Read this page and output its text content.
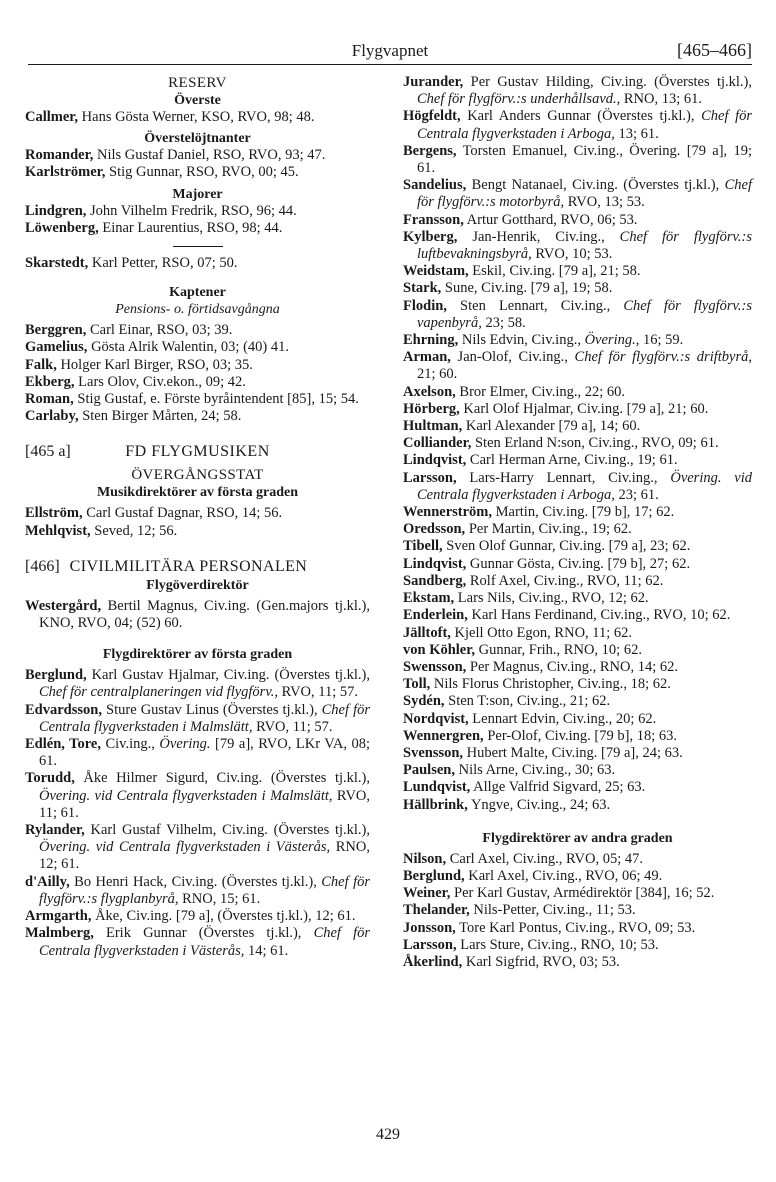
Flygvapnet	[465–466]
RESERV
Överste
Callmer, Hans Gösta Werner, KSO, RVO, 98; 48.
Överstelöjtnanter
Romander, Nils Gustaf Daniel, RSO, RVO, 93; 47.
Karlströmer, Stig Gunnar, RSO, RVO, 00; 45.
Majorer
Lindgren, John Vilhelm Fredrik, RSO, 96; 44.
Löwenberg, Einar Laurentius, RSO, 98; 44.
Skarstedt, Karl Petter, RSO, 07; 50.
Kaptener
Pensions- o. förtidsavgångna
Berggren, Carl Einar, RSO, 03; 39.
Gamelius, Gösta Alrik Walentin, 03; (40) 41.
Falk, Holger Karl Birger, RSO, 03; 35.
Ekberg, Lars Olov, Civ.ekon., 09; 42.
Roman, Stig Gustaf, e. Förste byråintendent [85], 15; 54.
Carlaby, Sten Birger Mårten, 24; 58.
[465 a]	FD FLYGMUSIKEN
ÖVERGÅNGSSTAT
Musikdirektörer av första graden
Ellström, Carl Gustaf Dagnar, RSO, 14; 56.
Mehlqvist, Seved, 12; 56.
[466] CIVILMILITÄRA PERSONALEN
Flygöverdirektör
Westergård, Bertil Magnus, Civ.ing. (Gen.majors tj.kl.), KNO, RVO, 04; (52) 60.
Flygdirektörer av första graden
Berglund, Karl Gustav Hjalmar, Civ.ing. (Överstes tj.kl.), Chef för centralplaneringen vid flygförv., RVO, 11; 57.
Edvardsson, Sture Gustav Linus (Överstes tj.kl.), Chef för Centrala flygverkstaden i Malmslätt, RVO, 11; 57.
Edlén, Tore, Civ.ing., Övering. [79 a], RVO, LKr VA, 08; 61.
Torudd, Åke Hilmer Sigurd, Civ.ing. (Överstes tj.kl.), Övering. vid Centrala flygverkstaden i Malmslätt, RVO, 11; 61.
Rylander, Karl Gustaf Vilhelm, Civ.ing. (Överstes tj.kl.), Övering. vid Centrala flygverkstaden i Västerås, RNO, 12; 61.
d'Ailly, Bo Henri Hack, Civ.ing. (Överstes tj.kl.), Chef för flygförv.:s flygplanbyrå, RNO, 15; 61.
Armgarth, Åke, Civ.ing. [79 a], (Överstes tj.kl.), 12; 61.
Malmberg, Erik Gunnar (Överstes tj.kl.), Chef för Centrala flygverkstaden i Västerås, 14; 61.
Jurander, Per Gustav Hilding, Civ.ing. (Överstes tj.kl.), Chef för flygförv.:s underhållsavd., RNO, 13; 61.
Högfeldt, Karl Anders Gunnar (Överstes tj.kl.), Chef för Centrala flygverkstaden i Arboga, 13; 61.
Bergens, Torsten Emanuel, Civ.ing., Övering. [79 a], 19; 61.
Sandelius, Bengt Natanael, Civ.ing. (Överstes tj.kl.), Chef för flygförv.:s motorbyrå, RVO, 13; 53.
Fransson, Artur Gotthard, RVO, 06; 53.
Kylberg, Jan-Henrik, Civ.ing., Chef för flygförv.:s luftbevakningsbyrå, RVO, 10; 53.
Weidstam, Eskil, Civ.ing. [79 a], 21; 58.
Stark, Sune, Civ.ing. [79 a], 19; 58.
Flodin, Sten Lennart, Civ.ing., Chef för flygförv.:s vapenbyrå, 23; 58.
Ehrning, Nils Edvin, Civ.ing., Övering., 16; 59.
Arman, Jan-Olof, Civ.ing., Chef för flygförv.:s driftbyrå, 21; 60.
Axelson, Bror Elmer, Civ.ing., 22; 60.
Hörberg, Karl Olof Hjalmar, Civ.ing. [79 a], 21; 60.
Hultman, Karl Alexander [79 a], 14; 60.
Colliander, Sten Erland N:son, Civ.ing., RVO, 09; 61.
Lindqvist, Carl Herman Arne, Civ.ing., 19; 61.
Larsson, Lars-Harry Lennart, Civ.ing., Övering. vid Centrala flygverkstaden i Arboga, 23; 61.
Wennerström, Martin, Civ.ing. [79 b], 17; 62.
Oredsson, Per Martin, Civ.ing., 19; 62.
Tibell, Sven Olof Gunnar, Civ.ing. [79 a], 23; 62.
Lindqvist, Gunnar Gösta, Civ.ing. [79 b], 27; 62.
Sandberg, Rolf Axel, Civ.ing., RVO, 11; 62.
Ekstam, Lars Nils, Civ.ing., RVO, 12; 62.
Enderlein, Karl Hans Ferdinand, Civ.ing., RVO, 10; 62.
Jälltoft, Kjell Otto Egon, RNO, 11; 62.
von Köhler, Gunnar, Frih., RNO, 10; 62.
Swensson, Per Magnus, Civ.ing., RNO, 14; 62.
Toll, Nils Florus Christopher, Civ.ing., 18; 62.
Sydén, Sten T:son, Civ.ing., 21; 62.
Nordqvist, Lennart Edvin, Civ.ing., 20; 62.
Wennergren, Per-Olof, Civ.ing. [79 b], 18; 63.
Svensson, Hubert Malte, Civ.ing. [79 a], 24; 63.
Paulsen, Nils Arne, Civ.ing., 30; 63.
Lundqvist, Allge Valfrid Sigvard, 25; 63.
Hällbrink, Yngve, Civ.ing., 24; 63.
Flygdirektörer av andra graden
Nilson, Carl Axel, Civ.ing., RVO, 05; 47.
Berglund, Karl Axel, Civ.ing., RVO, 06; 49.
Weiner, Per Karl Gustav, Armédirektör [384], 16; 52.
Thelander, Nils-Petter, Civ.ing., 11; 53.
Jonsson, Tore Karl Pontus, Civ.ing., RVO, 09; 53.
Larsson, Lars Sture, Civ.ing., RNO, 10; 53.
Åkerlind, Karl Sigfrid, RVO, 03; 53.
429
